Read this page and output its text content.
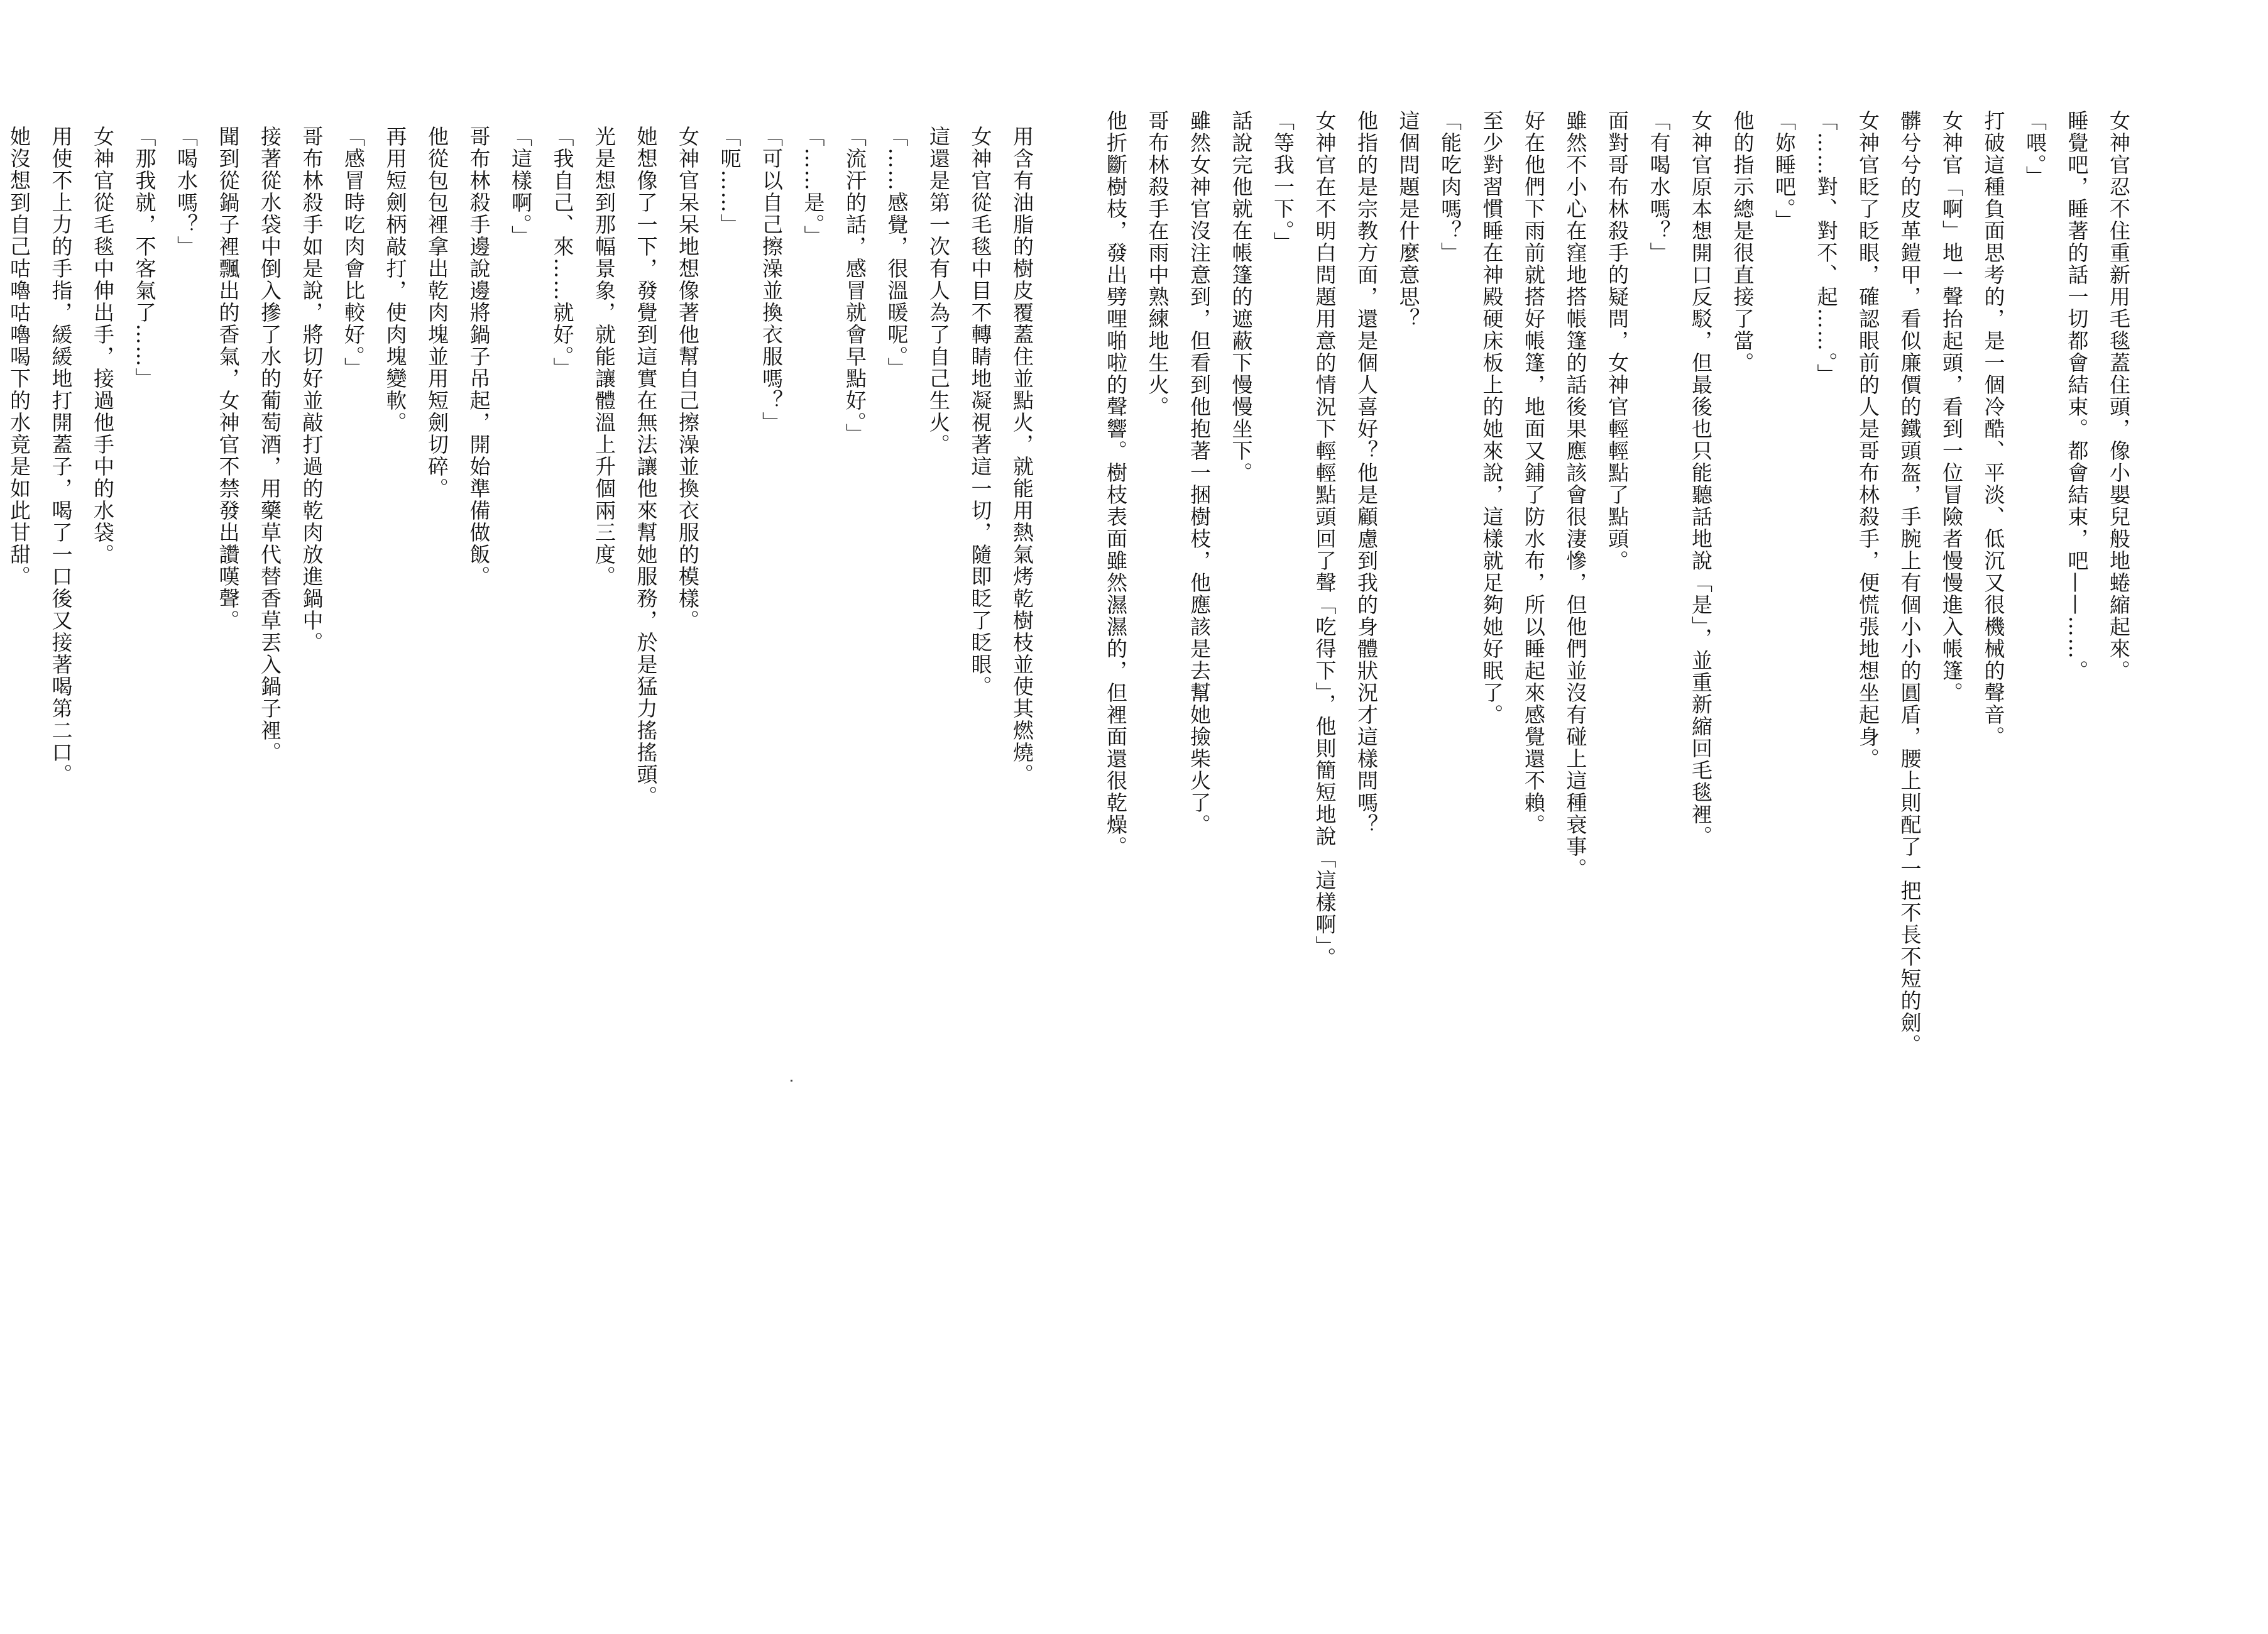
用含有油脂的樹皮覆蓋住並點火，就能用熱氣烤乾樹枝並使其燃燒。
女神官從毛毯中目不轉睛地凝視著這一切，隨即眨了眨眼。
這還是第一次有人為了自己生火。
「……感覺，很溫暖呢。」
「流汗的話，感冒就會早點好。」
「……是。」
「可以自己擦澡並換衣服嗎？」
「呃……」
女神官呆呆地想像著他幫自己擦澡並換衣服的模樣。
她想像了一下，發覺到這實在無法讓他來幫她服務，於是猛力搖搖頭。
光是想到那幅景象，就能讓體溫上升個兩三度。
「我自己、來……就好。」
「這樣啊。」
哥布林殺手邊說邊將鍋子吊起，開始準備做飯。
他從包包裡拿出乾肉塊並用短劍切碎。
再用短劍柄敲打，使肉塊變軟。
「感冒時吃肉會比較好。」
哥布林殺手如是說，將切好並敲打過的乾肉放進鍋中。
接著從水袋中倒入摻了水的葡萄酒，用藥草代替香草丟入鍋子裡。
聞到從鍋子裡飄出的香氣，女神官不禁發出讚嘆聲。
「喝水嗎？」
「那我就，不客氣了……」
女神官從毛毯中伸出手，接過他手中的水袋。
用使不上力的手指，緩緩地打開蓋子，喝了一口後又接著喝第二口。
她沒想到自己咕嚕咕嚕喝下的水竟是如此甘甜。	女神官忍不住重新用毛毯蓋住頭，像小嬰兒般地蜷縮起來。
睡覺吧，睡著的話一切都會結束。都會結束，吧——……。
「喂。」
打破這種負面思考的，是一個冷酷、平淡、低沉又很機械的聲音。
女神官「啊」地一聲抬起頭，看到一位冒險者慢慢進入帳篷。
髒兮兮的皮革鎧甲，看似廉價的鐵頭盔，手腕上有個小小的圓盾，腰上則配了一把不長不短的劍。
女神官眨了眨眼，確認眼前的人是哥布林殺手，便慌張地想坐起身。
「……對、對不、起……。」
「妳睡吧。」
他的指示總是很直接了當。
女神官原本想開口反駁，但最後也只能聽話地說「是」，並重新縮回毛毯裡。
「有喝水嗎？」
面對哥布林殺手的疑問，女神官輕輕點了點頭。
雖然不小心在窪地搭帳篷的話後果應該會很淒慘，但他們並沒有碰上這種衰事。
好在他們下雨前就搭好帳篷，地面又鋪了防水布，所以睡起來感覺還不賴。
至少對習慣睡在神殿硬床板上的她來說，這樣就足夠她好眠了。
「能吃肉嗎？」
這個問題是什麼意思？
他指的是宗教方面，還是個人喜好？他是顧慮到我的身體狀況才這樣問嗎？
女神官在不明白問題用意的情況下輕輕點頭回了聲「吃得下」，他則簡短地說「這樣啊」。
「等我一下。」
話說完他就在帳篷的遮蔽下慢慢坐下。
雖然女神官沒注意到，但看到他抱著一捆樹枝，他應該是去幫她撿柴火了。
哥布林殺手在雨中熟練地生火。
他折斷樹枝，發出劈哩啪啦的聲響。樹枝表面雖然濕濕的，但裡面還很乾燥。
